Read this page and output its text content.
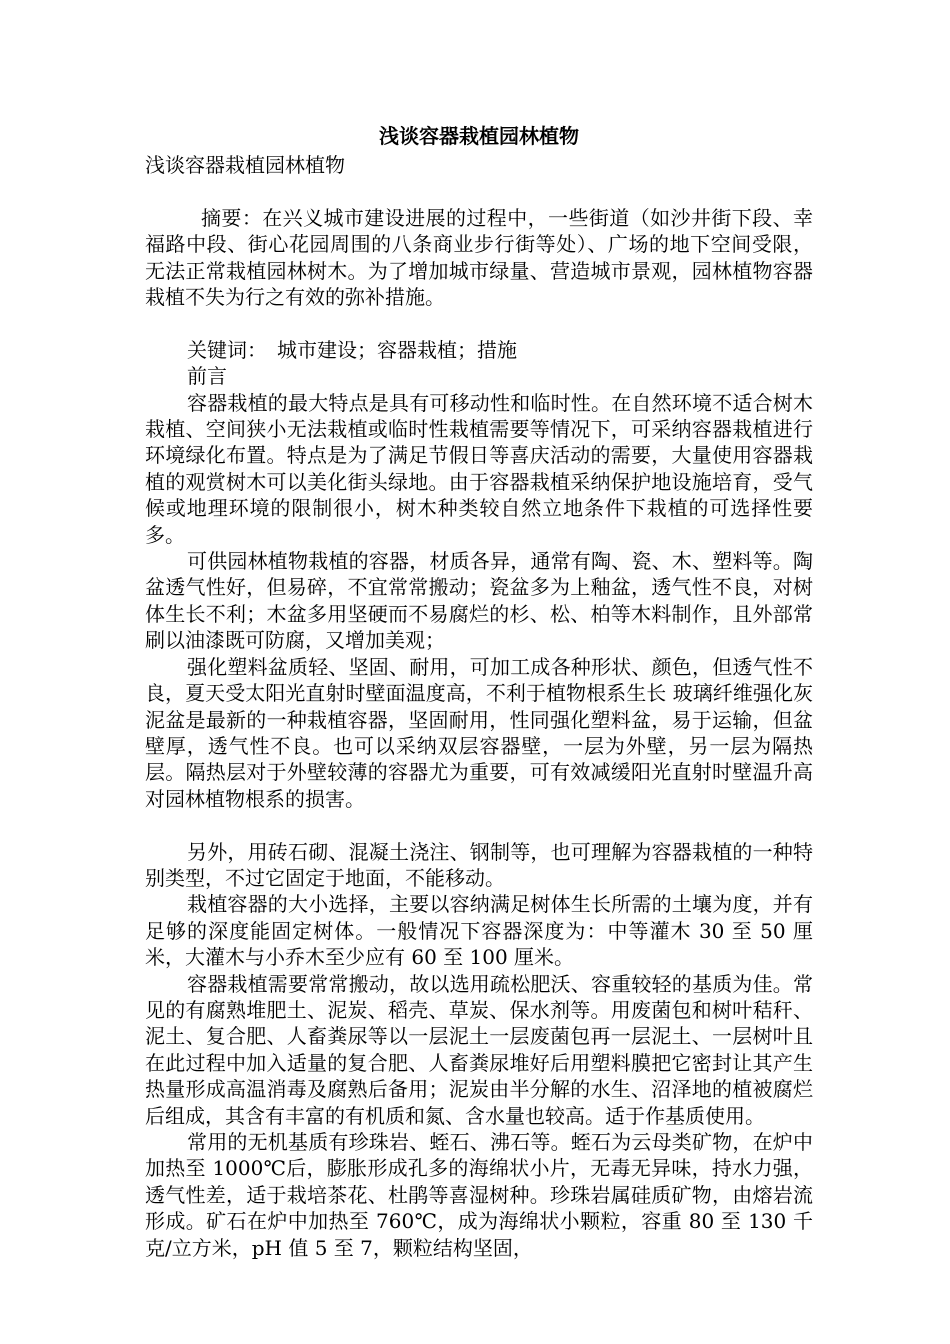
浅谈容器栽植园林植物

浅谈容器栽植园林植物

摘要：在兴义城市建设进展的过程中，一些街道（如沙井街下段、幸福路中段、街心花园周围的八条商业步行街等处）、广场的地下空间受限，无法正常栽植园林树木。为了增加城市绿量、营造城市景观，园林植物容器栽植不失为行之有效的弥补措施。

关键词：　城市建设；容器栽植；措施

前言

容器栽植的最大特点是具有可移动性和临时性。在自然环境不适合树木栽植、空间狭小无法栽植或临时性栽植需要等情况下，可采纳容器栽植进行环境绿化布置。特点是为了满足节假日等喜庆活动的需要，大量使用容器栽植的观赏树木可以美化街头绿地。由于容器栽植采纳保护地设施培育，受气候或地理环境的限制很小，树木种类较自然立地条件下栽植的可选择性要多。

可供园林植物栽植的容器，材质各异，通常有陶、瓷、木、塑料等。陶盆透气性好，但易碎，不宜常常搬动；瓷盆多为上釉盆，透气性不良，对树体生长不利；木盆多用坚硬而不易腐烂的杉、松、柏等木料制作，且外部常刷以油漆既可防腐，又增加美观；

强化塑料盆质轻、坚固、耐用，可加工成各种形状、颜色，但透气性不良，夏天受太阳光直射时壁面温度高，不利于植物根系生长 玻璃纤维强化灰泥盆是最新的一种栽植容器，坚固耐用，性同强化塑料盆，易于运输，但盆壁厚，透气性不良。也可以采纳双层容器壁，一层为外壁，另一层为隔热层。隔热层对于外壁较薄的容器尤为重要，可有效减缓阳光直射时壁温升高对园林植物根系的损害。

另外，用砖石砌、混凝土浇注、钢制等，也可理解为容器栽植的一种特别类型，不过它固定于地面，不能移动。

栽植容器的大小选择，主要以容纳满足树体生长所需的土壤为度，并有足够的深度能固定树体。一般情况下容器深度为：中等灌木 30 至 50 厘米，大灌木与小乔木至少应有 60 至 100 厘米。

容器栽植需要常常搬动，故以选用疏松肥沃、容重较轻的基质为佳。常见的有腐熟堆肥土、泥炭、稻壳、草炭、保水剂等。用废菌包和树叶秸秆、泥土、复合肥、人畜粪尿等以一层泥土一层废菌包再一层泥土、一层树叶且在此过程中加入适量的复合肥、人畜粪尿堆好后用塑料膜把它密封让其产生热量形成高温消毒及腐熟后备用；泥炭由半分解的水生、沼泽地的植被腐烂后组成，其含有丰富的有机质和氮、含水量也较高。适于作基质使用。

常用的无机基质有珍珠岩、蛭石、沸石等。蛭石为云母类矿物，在炉中加热至 1000℃后，膨胀形成孔多的海绵状小片，无毒无异味，持水力强，透气性差，适于栽培茶花、杜鹃等喜湿树种。珍珠岩属硅质矿物，由熔岩流形成。矿石在炉中加热至 760℃，成为海绵状小颗粒，容重 80 至 130 千克/立方米，pH 值 5 至 7，颗粒结构坚固，
